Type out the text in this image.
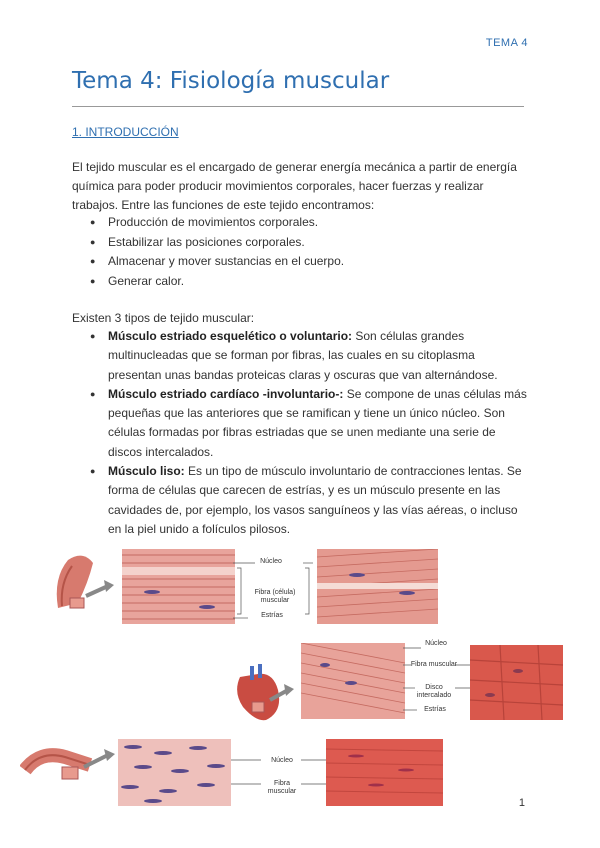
TEMA 4
Tema 4: Fisiología muscular
1. INTRODUCCIÓN
El tejido muscular es el encargado de generar energía mecánica a partir de energía química para poder producir movimientos corporales, hacer fuerzas y realizar trabajos. Entre las funciones de este tejido encontramos:
● Producción de movimientos corporales.
● Estabilizar las posiciones corporales.
● Almacenar y mover sustancias en el cuerpo.
● Generar calor.
Existen 3 tipos de tejido muscular:
● Músculo estriado esquelético o voluntario: Son células grandes multinucleadas que se forman por fibras, las cuales en su citoplasma presentan unas bandas proteicas claras y oscuras que van alternándose.
● Músculo estriado cardíaco -involuntario-: Se compone de unas células más pequeñas que las anteriores que se ramifican y tiene un único núcleo. Son células formadas por fibras estriadas que se unen mediante una serie de discos intercalados.
● Músculo liso: Es un tipo de músculo involuntario de contracciones lentas. Se forma de células que carecen de estrías, y es un músculo presente en las cavidades de, por ejemplo, los vasos sanguíneos y las vías aéreas, o incluso en la piel unido a folículos pilosos.
Núcleo
Fibra (célula) muscular
Estrías
Núcleo
Fibra muscular
Disco intercalado
Estrías
Núcleo
Fibra muscular
1
